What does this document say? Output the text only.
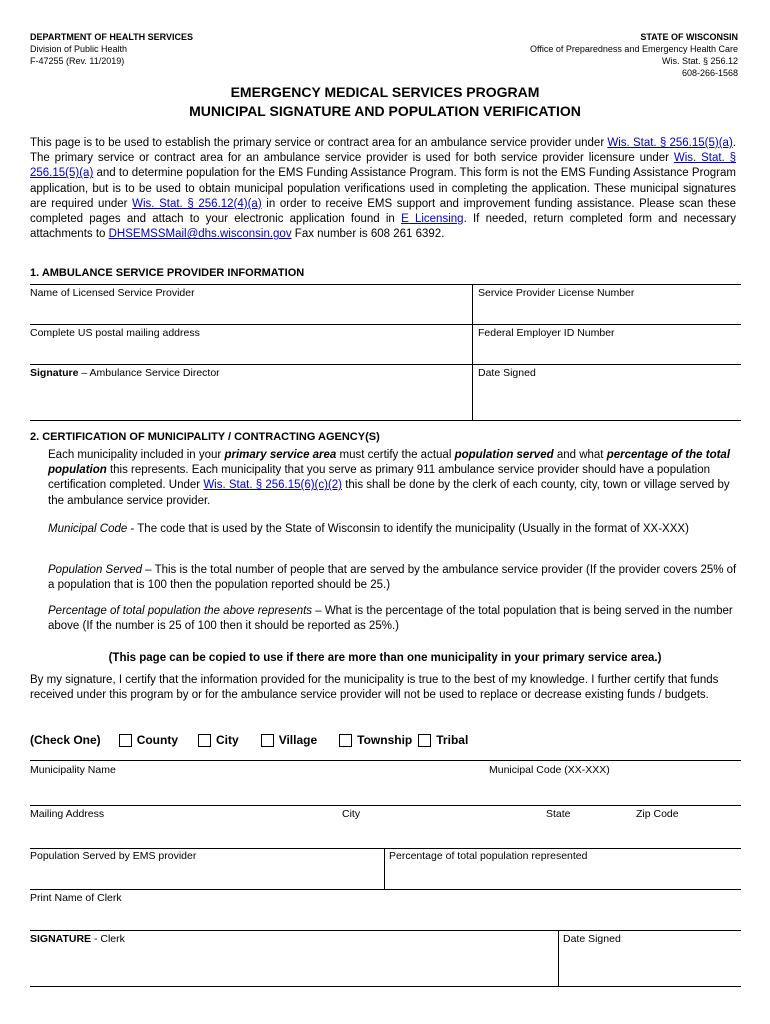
DEPARTMENT OF HEALTH SERVICES
Division of Public Health
F-47255 (Rev. 11/2019)
STATE OF WISCONSIN
Office of Preparedness and Emergency Health Care
Wis. Stat. § 256.12
608-266-1568
EMERGENCY MEDICAL SERVICES PROGRAM
MUNICIPAL SIGNATURE AND POPULATION VERIFICATION
This page is to be used to establish the primary service or contract area for an ambulance service provider under Wis. Stat. § 256.15(5)(a). The primary service or contract area for an ambulance service provider is used for both service provider licensure under Wis. Stat. § 256.15(5)(a) and to determine population for the EMS Funding Assistance Program. This form is not the EMS Funding Assistance Program application, but is to be used to obtain municipal population verifications used in completing the application. These municipal signatures are required under Wis. Stat. § 256.12(4)(a) in order to receive EMS support and improvement funding assistance. Please scan these completed pages and attach to your electronic application found in E Licensing. If needed, return completed form and necessary attachments to DHSEMSSMail@dhs.wisconsin.gov Fax number is 608 261 6392.
1. AMBULANCE SERVICE PROVIDER INFORMATION
Name of Licensed Service Provider	Service Provider License Number
Complete US postal mailing address	Federal Employer ID Number
Signature – Ambulance Service Director	Date Signed
2. CERTIFICATION OF MUNICIPALITY / CONTRACTING AGENCY(S)
Each municipality included in your primary service area must certify the actual population served and what percentage of the total population this represents. Each municipality that you serve as primary 911 ambulance service provider should have a population certification completed. Under Wis. Stat. § 256.15(6)(c)(2) this shall be done by the clerk of each county, city, town or village served by the ambulance service provider.
Municipal Code - The code that is used by the State of Wisconsin to identify the municipality (Usually in the format of XX-XXX)
Population Served – This is the total number of people that are served by the ambulance service provider (If the provider covers 25% of a population that is 100 then the population reported should be 25.)
Percentage of total population the above represents – What is the percentage of the total population that is being served in the number above (If the number is 25 of 100 then it should be reported as 25%.)
(This page can be copied to use if there are more than one municipality in your primary service area.)
By my signature, I certify that the information provided for the municipality is true to the best of my knowledge. I further certify that funds received under this program by or for the ambulance service provider will not be used to replace or decrease existing funds / budgets.
(Check One)	County	City	Village	Township Tribal
Municipality Name	Municipal Code (XX-XXX)
Mailing Address	City	State	Zip Code
Population Served by EMS provider	Percentage of total population represented
Print Name of Clerk
SIGNATURE - Clerk	Date Signed
